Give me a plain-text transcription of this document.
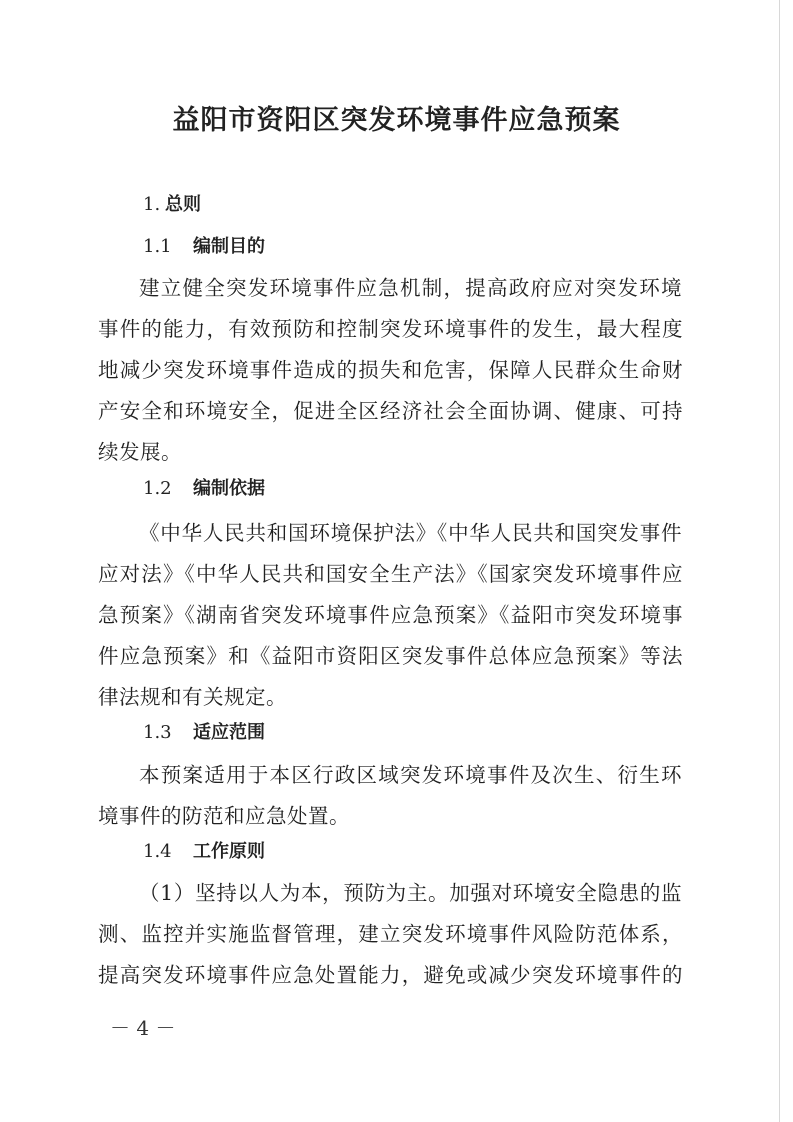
益阳市资阳区突发环境事件应急预案
1. 总则
1.1 编制目的
建立健全突发环境事件应急机制，提高政府应对突发环境
事件的能力，有效预防和控制突发环境事件的发生，最大程度
地减少突发环境事件造成的损失和危害，保障人民群众生命财
产安全和环境安全，促进全区经济社会全面协调、健康、可持
续发展。
1.2 编制依据
《中华人民共和国环境保护法》《中华人民共和国突发事件
应对法》《中华人民共和国安全生产法》《国家突发环境事件应
急预案》《湖南省突发环境事件应急预案》《益阳市突发环境事
件应急预案》和《益阳市资阳区突发事件总体应急预案》等法
律法规和有关规定。
1.3 适应范围
本预案适用于本区行政区域突发环境事件及次生、衍生环
境事件的防范和应急处置。
1.4 工作原则
（1）坚持以人为本，预防为主。加强对环境安全隐患的监
测、监控并实施监督管理，建立突发环境事件风险防范体系，
提高突发环境事件应急处置能力，避免或减少突发环境事件的
－ 4 －
